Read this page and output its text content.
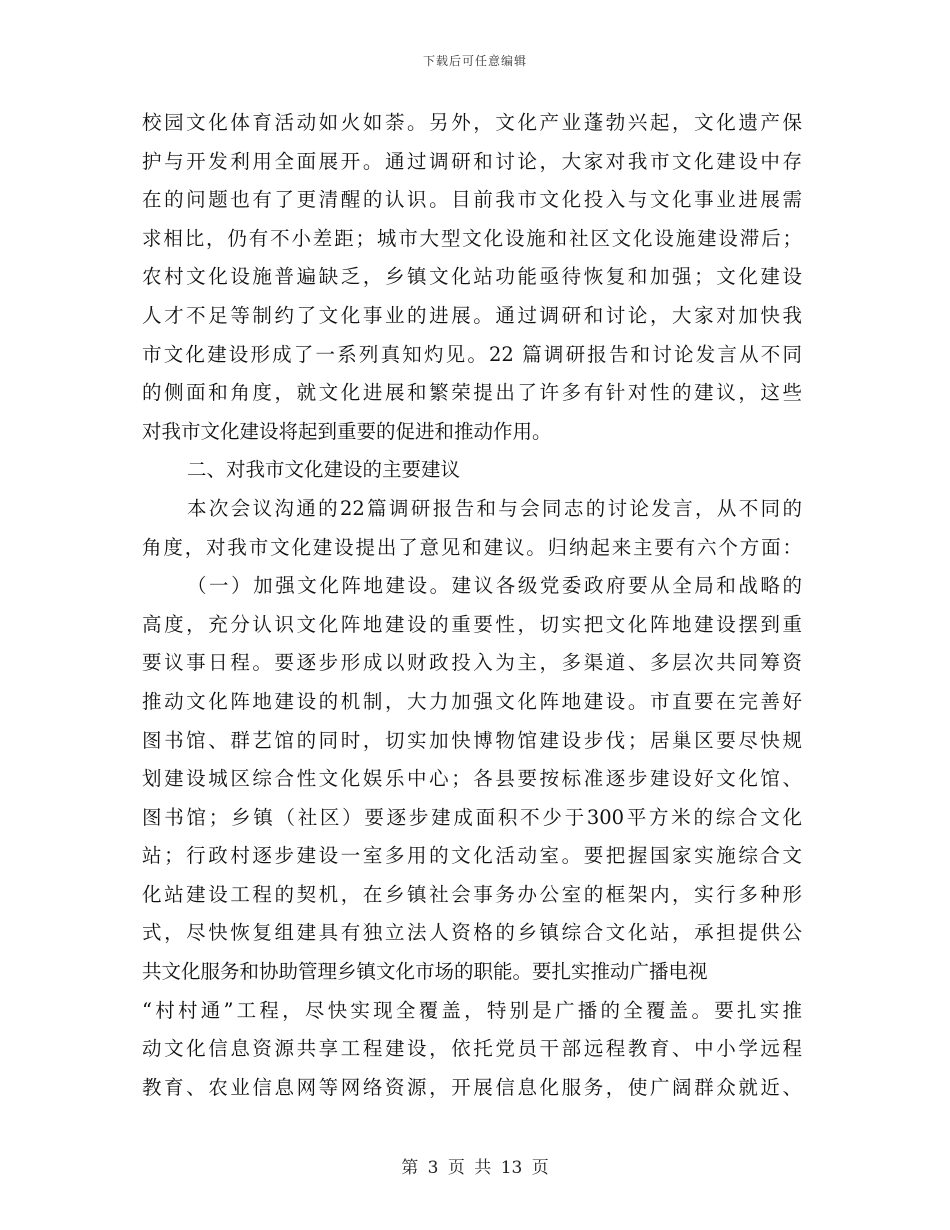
下载后可任意编辑
校园文化体育活动如火如荼。另外，文化产业蓬勃兴起，文化遗产保
护与开发利用全面展开。通过调研和讨论，大家对我市文化建设中存
在的问题也有了更清醒的认识。目前我市文化投入与文化事业进展需
求相比，仍有不小差距；城市大型文化设施和社区文化设施建设滞后；
农村文化设施普遍缺乏，乡镇文化站功能亟待恢复和加强；文化建设
人才不足等制约了文化事业的进展。通过调研和讨论，大家对加快我
市文化建设形成了一系列真知灼见。22 篇调研报告和讨论发言从不同
的侧面和角度，就文化进展和繁荣提出了许多有针对性的建议，这些
对我市文化建设将起到重要的促进和推动作用。
二、对我市文化建设的主要建议
本次会议沟通的22篇调研报告和与会同志的讨论发言，从不同的
角度，对我市文化建设提出了意见和建议。归纳起来主要有六个方面：
（一）加强文化阵地建设。建议各级党委政府要从全局和战略的
高度，充分认识文化阵地建设的重要性，切实把文化阵地建设摆到重
要议事日程。要逐步形成以财政投入为主，多渠道、多层次共同筹资
推动文化阵地建设的机制，大力加强文化阵地建设。市直要在完善好
图书馆、群艺馆的同时，切实加快博物馆建设步伐；居巢区要尽快规
划建设城区综合性文化娱乐中心；各县要按标准逐步建设好文化馆、
图书馆；乡镇（社区）要逐步建成面积不少于300平方米的综合文化
站；行政村逐步建设一室多用的文化活动室。要把握国家实施综合文
化站建设工程的契机，在乡镇社会事务办公室的框架内，实行多种形
式，尽快恢复组建具有独立法人资格的乡镇综合文化站，承担提供公
共文化服务和协助管理乡镇文化市场的职能。要扎实推动广播电视
“村村通”工程，尽快实现全覆盖，特别是广播的全覆盖。要扎实推
动文化信息资源共享工程建设，依托党员干部远程教育、中小学远程
教育、农业信息网等网络资源，开展信息化服务，使广阔群众就近、
第 3 页 共 13 页
